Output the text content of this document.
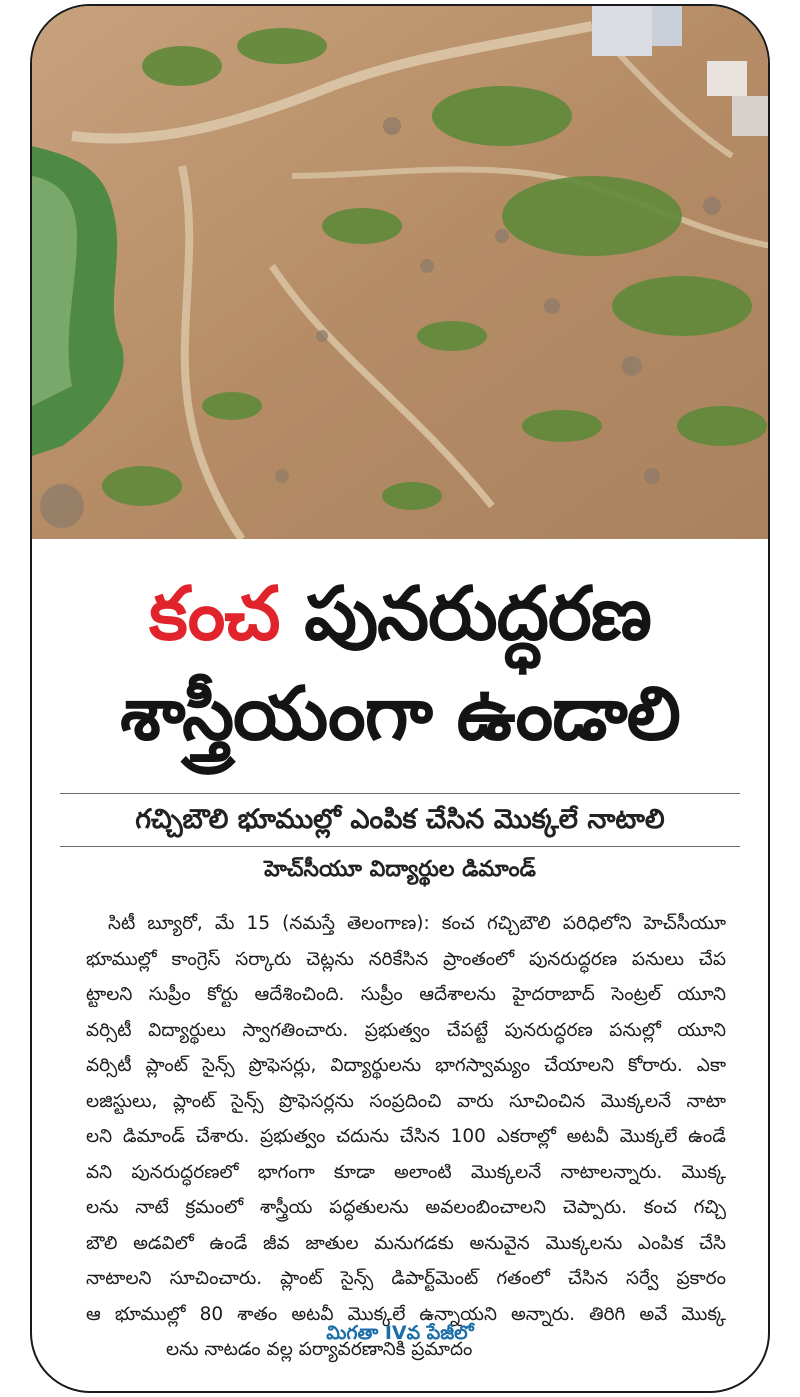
కంచ పునరుద్ధరణ
శాస్త్రీయంగా ఉండాలి
గచ్చిబౌలి భూముల్లో ఎంపిక చేసిన మొక్కలే నాటాలి
హెచ్‌సీయూ విద్యార్థుల డిమాండ్
సిటీ బ్యూరో, మే 15 (నమస్తే తెలంగాణ): కంచ గచ్చిబౌలి పరిధిలోని హెచ్‌సీయూ
భూముల్లో కాంగ్రెస్ సర్కారు చెట్లను నరికేసిన ప్రాంతంలో పునరుద్ధరణ పనులు చేప
ట్టాలని సుప్రీం కోర్టు ఆదేశించింది. సుప్రీం ఆదేశాలను హైదరాబాద్ సెంట్రల్ యూని
వర్సిటీ విద్యార్థులు స్వాగతించారు. ప్రభుత్వం చేపట్టే పునరుద్ధరణ పనుల్లో యూని
వర్సిటీ ప్లాంట్ సైన్స్ ప్రొఫెసర్లు, విద్యార్థులను భాగస్వామ్యం చేయాలని కోరారు. ఎకా
లజిస్టులు, ప్లాంట్ సైన్స్ ప్రొఫెసర్లను సంప్రదించి వారు సూచించిన మొక్కలనే నాటా
లని డిమాండ్ చేశారు. ప్రభుత్వం చదును చేసిన 100 ఎకరాల్లో అటవీ మొక్కలే ఉండే
వని పునరుద్ధరణలో భాగంగా కూడా అలాంటి మొక్కలనే నాటాలన్నారు. మొక్క
లను నాటే క్రమంలో శాస్త్రీయ పద్ధతులను అవలంబించాలని చెప్పారు. కంచ గచ్చి
బౌలి అడవిలో ఉండే జీవ జాతుల మనుగడకు అనువైన మొక్కలను ఎంపిక చేసి
నాటాలని సూచించారు. ప్లాంట్ సైన్స్ డిపార్ట్‌మెంట్ గతంలో చేసిన సర్వే ప్రకారం
ఆ భూముల్లో 80 శాతం అటవీ మొక్కలే ఉన్నాయని అన్నారు. తిరిగి అవే మొక్క
లను నాటడం వల్ల పర్యావరణానికి ప్రమాదం
మిగతా IVవ పేజీలో
